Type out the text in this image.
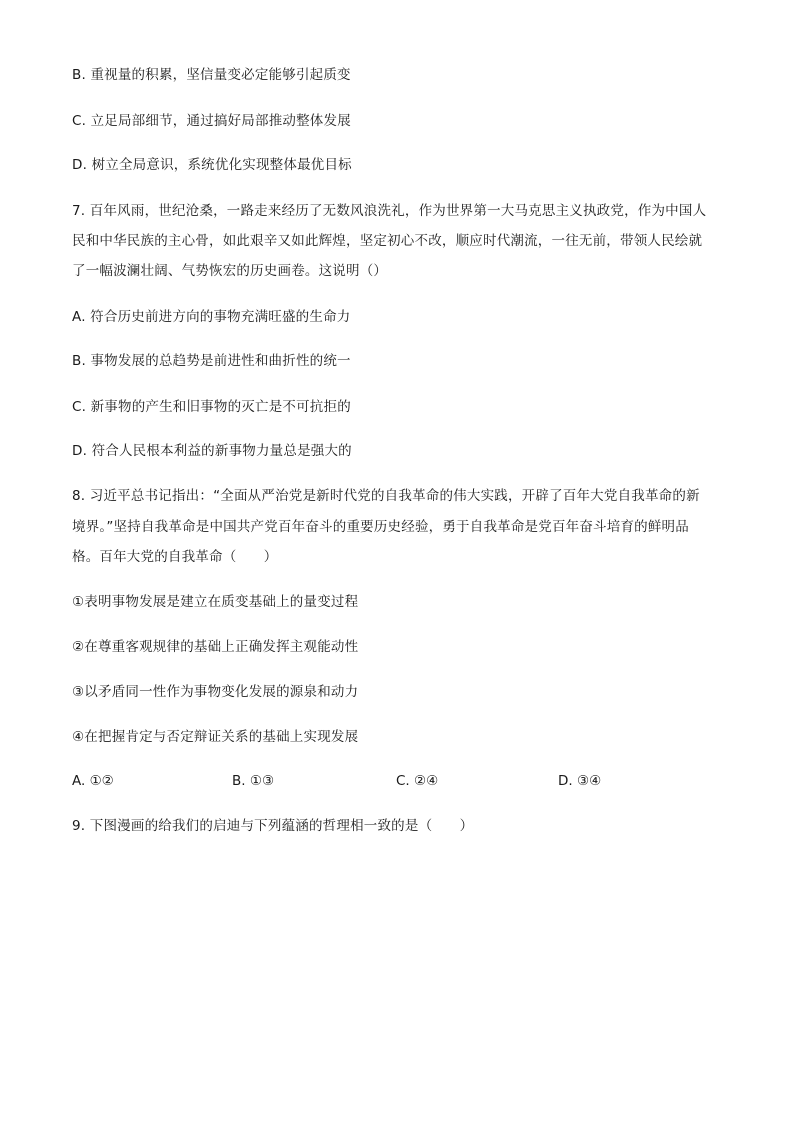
B. 重视量的积累，坚信量变必定能够引起质变
C. 立足局部细节，通过搞好局部推动整体发展
D. 树立全局意识，系统优化实现整体最优目标
7. 百年风雨，世纪沧桑，一路走来经历了无数风浪洗礼，作为世界第一大马克思主义执政党，作为中国人
民和中华民族的主心骨，如此艰辛又如此辉煌，坚定初心不改，顺应时代潮流，一往无前，带领人民绘就
了一幅波澜壮阔、气势恢宏的历史画卷。这说明（）
A. 符合历史前进方向的事物充满旺盛的生命力
B. 事物发展的总趋势是前进性和曲折性的统一
C. 新事物的产生和旧事物的灭亡是不可抗拒的
D. 符合人民根本利益的新事物力量总是强大的
8. 习近平总书记指出：“全面从严治党是新时代党的自我革命的伟大实践，开辟了百年大党自我革命的新
境界。”坚持自我革命是中国共产党百年奋斗的重要历史经验，勇于自我革命是党百年奋斗培育的鲜明品
格。百年大党的自我革命（　　）
①表明事物发展是建立在质变基础上的量变过程
②在尊重客观规律的基础上正确发挥主观能动性
③以矛盾同一性作为事物变化发展的源泉和动力
④在把握肯定与否定辩证关系的基础上实现发展
A. ①②	B. ①③	C. ②④	D. ③④
9. 下图漫画的给我们的启迪与下列蕴涵的哲理相一致的是（　　）
